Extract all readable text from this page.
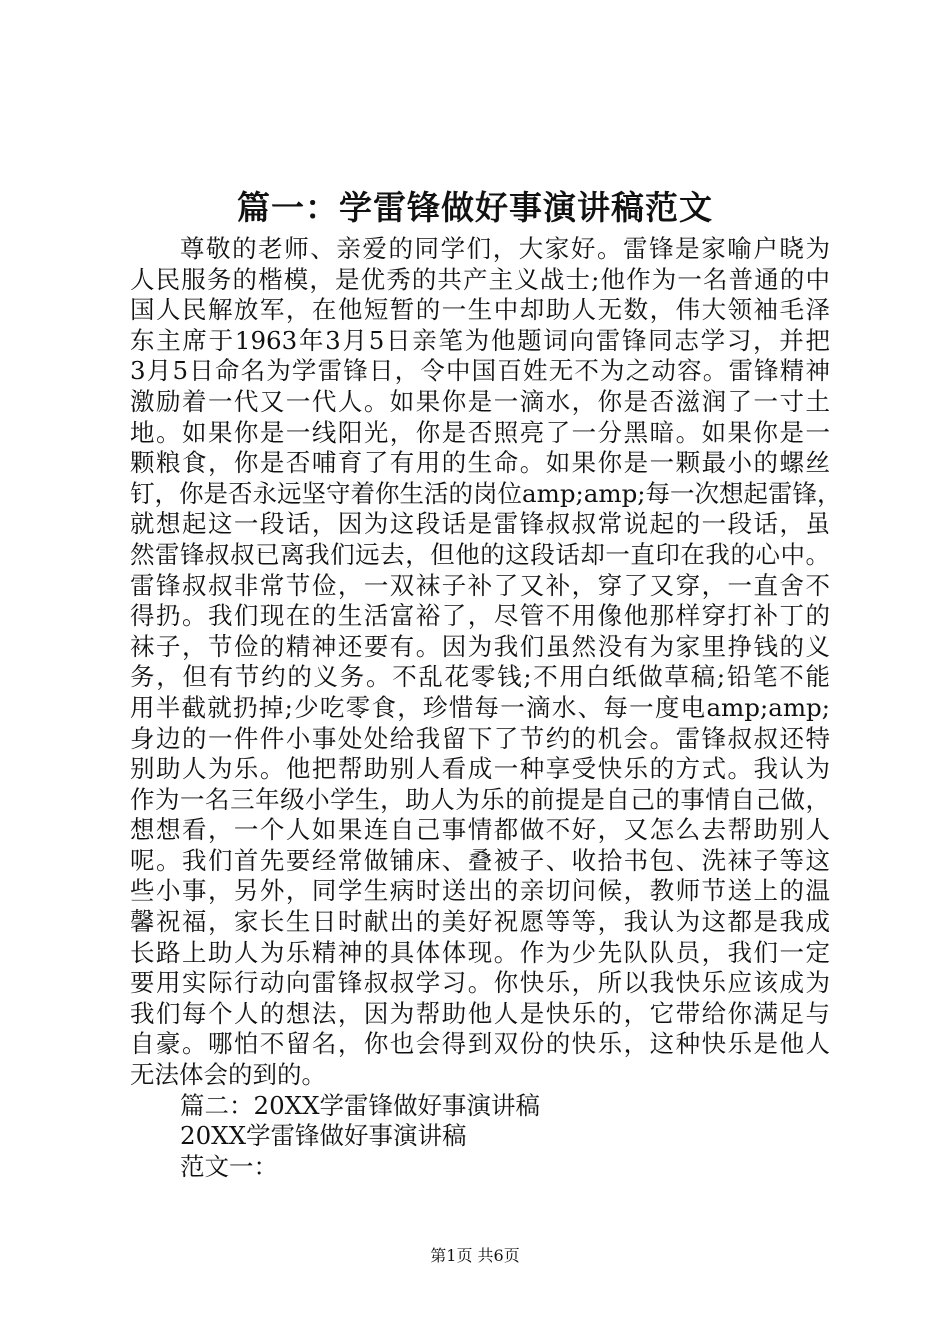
篇一：学雷锋做好事演讲稿范文
尊敬的老师、亲爱的同学们，大家好。雷锋是家喻户晓为
人民服务的楷模，是优秀的共产主义战士;他作为一名普通的中
国人民解放军，在他短暂的一生中却助人无数，伟大领袖毛泽
东主席于1963年3月5日亲笔为他题词向雷锋同志学习，并把
3月5日命名为学雷锋日，令中国百姓无不为之动容。雷锋精神
激励着一代又一代人。如果你是一滴水，你是否滋润了一寸土
地。如果你是一线阳光，你是否照亮了一分黑暗。如果你是一
颗粮食，你是否哺育了有用的生命。如果你是一颗最小的螺丝
钉，你是否永远坚守着你生活的岗位amp;amp;每一次想起雷锋，
就想起这一段话，因为这段话是雷锋叔叔常说起的一段话，虽
然雷锋叔叔已离我们远去，但他的这段话却一直印在我的心中。
雷锋叔叔非常节俭，一双袜子补了又补，穿了又穿，一直舍不
得扔。我们现在的生活富裕了，尽管不用像他那样穿打补丁的
袜子，节俭的精神还要有。因为我们虽然没有为家里挣钱的义
务，但有节约的义务。不乱花零钱;不用白纸做草稿;铅笔不能
用半截就扔掉;少吃零食，珍惜每一滴水、每一度电amp;amp;
身边的一件件小事处处给我留下了节约的机会。雷锋叔叔还特
别助人为乐。他把帮助别人看成一种享受快乐的方式。我认为
作为一名三年级小学生，助人为乐的前提是自己的事情自己做，
想想看，一个人如果连自己事情都做不好，又怎么去帮助别人
呢。我们首先要经常做铺床、叠被子、收拾书包、洗袜子等这
些小事，另外，同学生病时送出的亲切问候，教师节送上的温
馨祝福，家长生日时献出的美好祝愿等等，我认为这都是我成
长路上助人为乐精神的具体体现。作为少先队队员，我们一定
要用实际行动向雷锋叔叔学习。你快乐，所以我快乐应该成为
我们每个人的想法，因为帮助他人是快乐的，它带给你满足与
自豪。哪怕不留名，你也会得到双份的快乐，这种快乐是他人
无法体会的到的。
篇二：20XX学雷锋做好事演讲稿
20XX学雷锋做好事演讲稿
范文一：
第1页 共6页
